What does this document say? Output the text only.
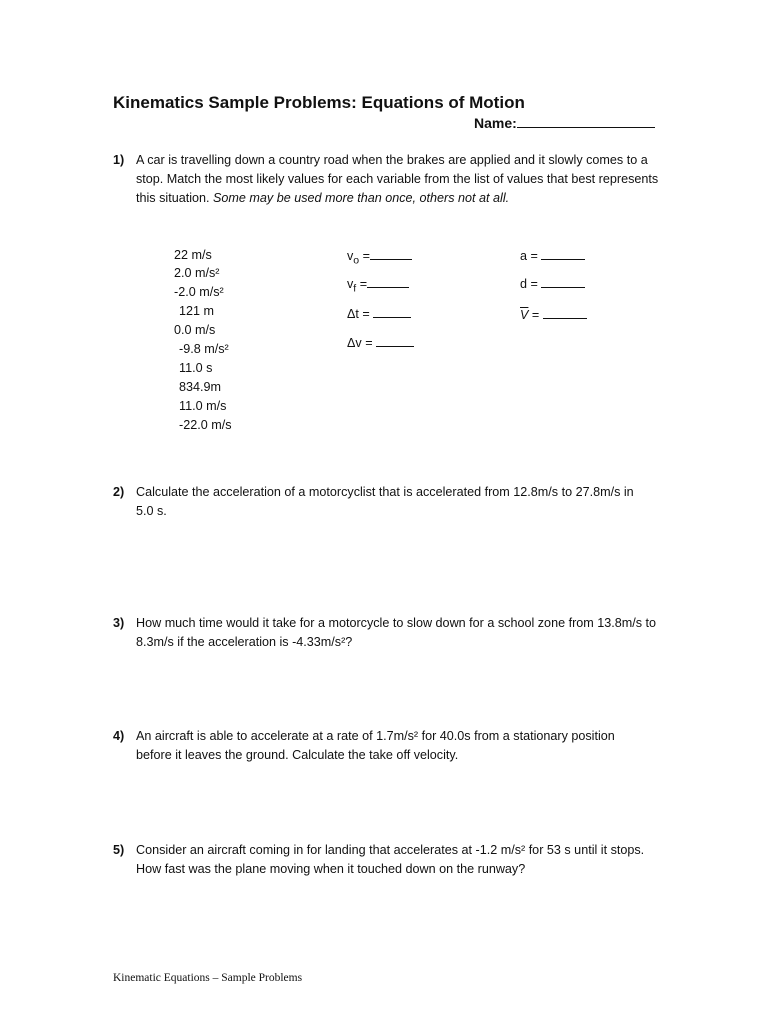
Kinematics Sample Problems: Equations of Motion
Name:
1) A car is travelling down a country road when the brakes are applied and it slowly comes to a stop. Match the most likely values for each variable from the list of values that best represents this situation. Some may be used more than once, others not at all.
22 m/s
2.0 m/s²
-2.0 m/s²
121 m
0.0 m/s
-9.8 m/s²
11.0 s
834.9m
11.0 m/s
-22.0 m/s
$v_o$ =
$v_f$ =
Δt =
Δv =
a =
d =
$\overline{V}$ =
2) Calculate the acceleration of a motorcyclist that is accelerated from 12.8m/s to 27.8m/s in 5.0 s.
3) How much time would it take for a motorcycle to slow down for a school zone from 13.8m/s to 8.3m/s if the acceleration is -4.33m/s²?
4) An aircraft is able to accelerate at a rate of 1.7m/s² for 40.0s from a stationary position before it leaves the ground. Calculate the take off velocity.
5) Consider an aircraft coming in for landing that accelerates at -1.2 m/s² for 53 s until it stops. How fast was the plane moving when it touched down on the runway?
Kinematic Equations – Sample Problems
